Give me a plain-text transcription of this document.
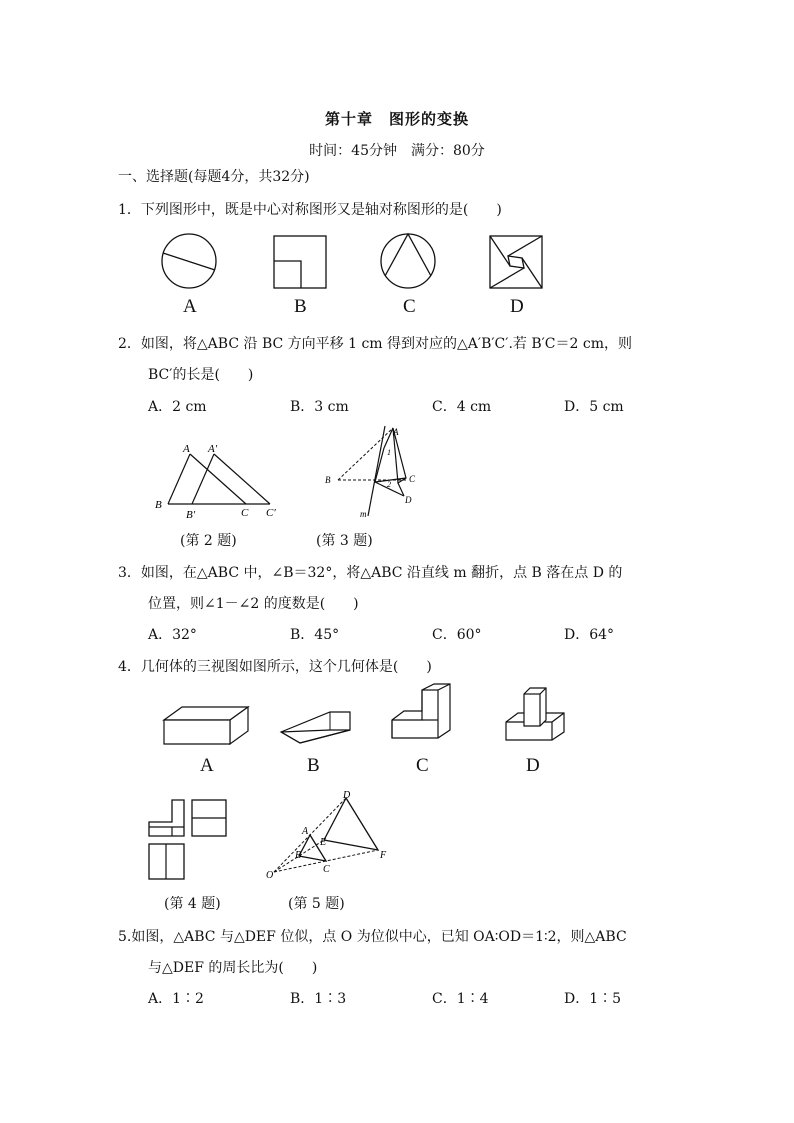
第十章　图形的变换
时间：45分钟　满分：80分
一、选择题(每题4分，共32分)
1．下列图形中，既是中心对称图形又是轴对称图形的是(　　)
A	B	C	D
2．如图，将△ABC 沿 BC 方向平移 1 cm 得到对应的△A′B′C′.若 B′C＝2 cm，则
BC′的长是(　　)
A．2 cm	B．3 cm	C．4 cm	D．5 cm
A A′
B
B′	C C′
(第 2 题)
A
1
B	2
C
D
m
(第 3 题)
3．如图，在△ABC 中，∠B＝32°，将△ABC 沿直线 m 翻折，点 B 落在点 D 的
位置，则∠1－∠2 的度数是(　　)
A．32°	B．45°	C．60°	D．64°
4．几何体的三视图如图所示，这个几何体是(　　)
A	B	C	D
(第 4 题)
D
A
E
B
C
F
O
(第 5 题)
5.如图，△ABC 与△DEF 位似，点 O 为位似中心，已知 OA∶OD＝1∶2，则△ABC
与△DEF 的周长比为(　　)
A．1∶2	B．1∶3	C．1∶4	D．1∶5
